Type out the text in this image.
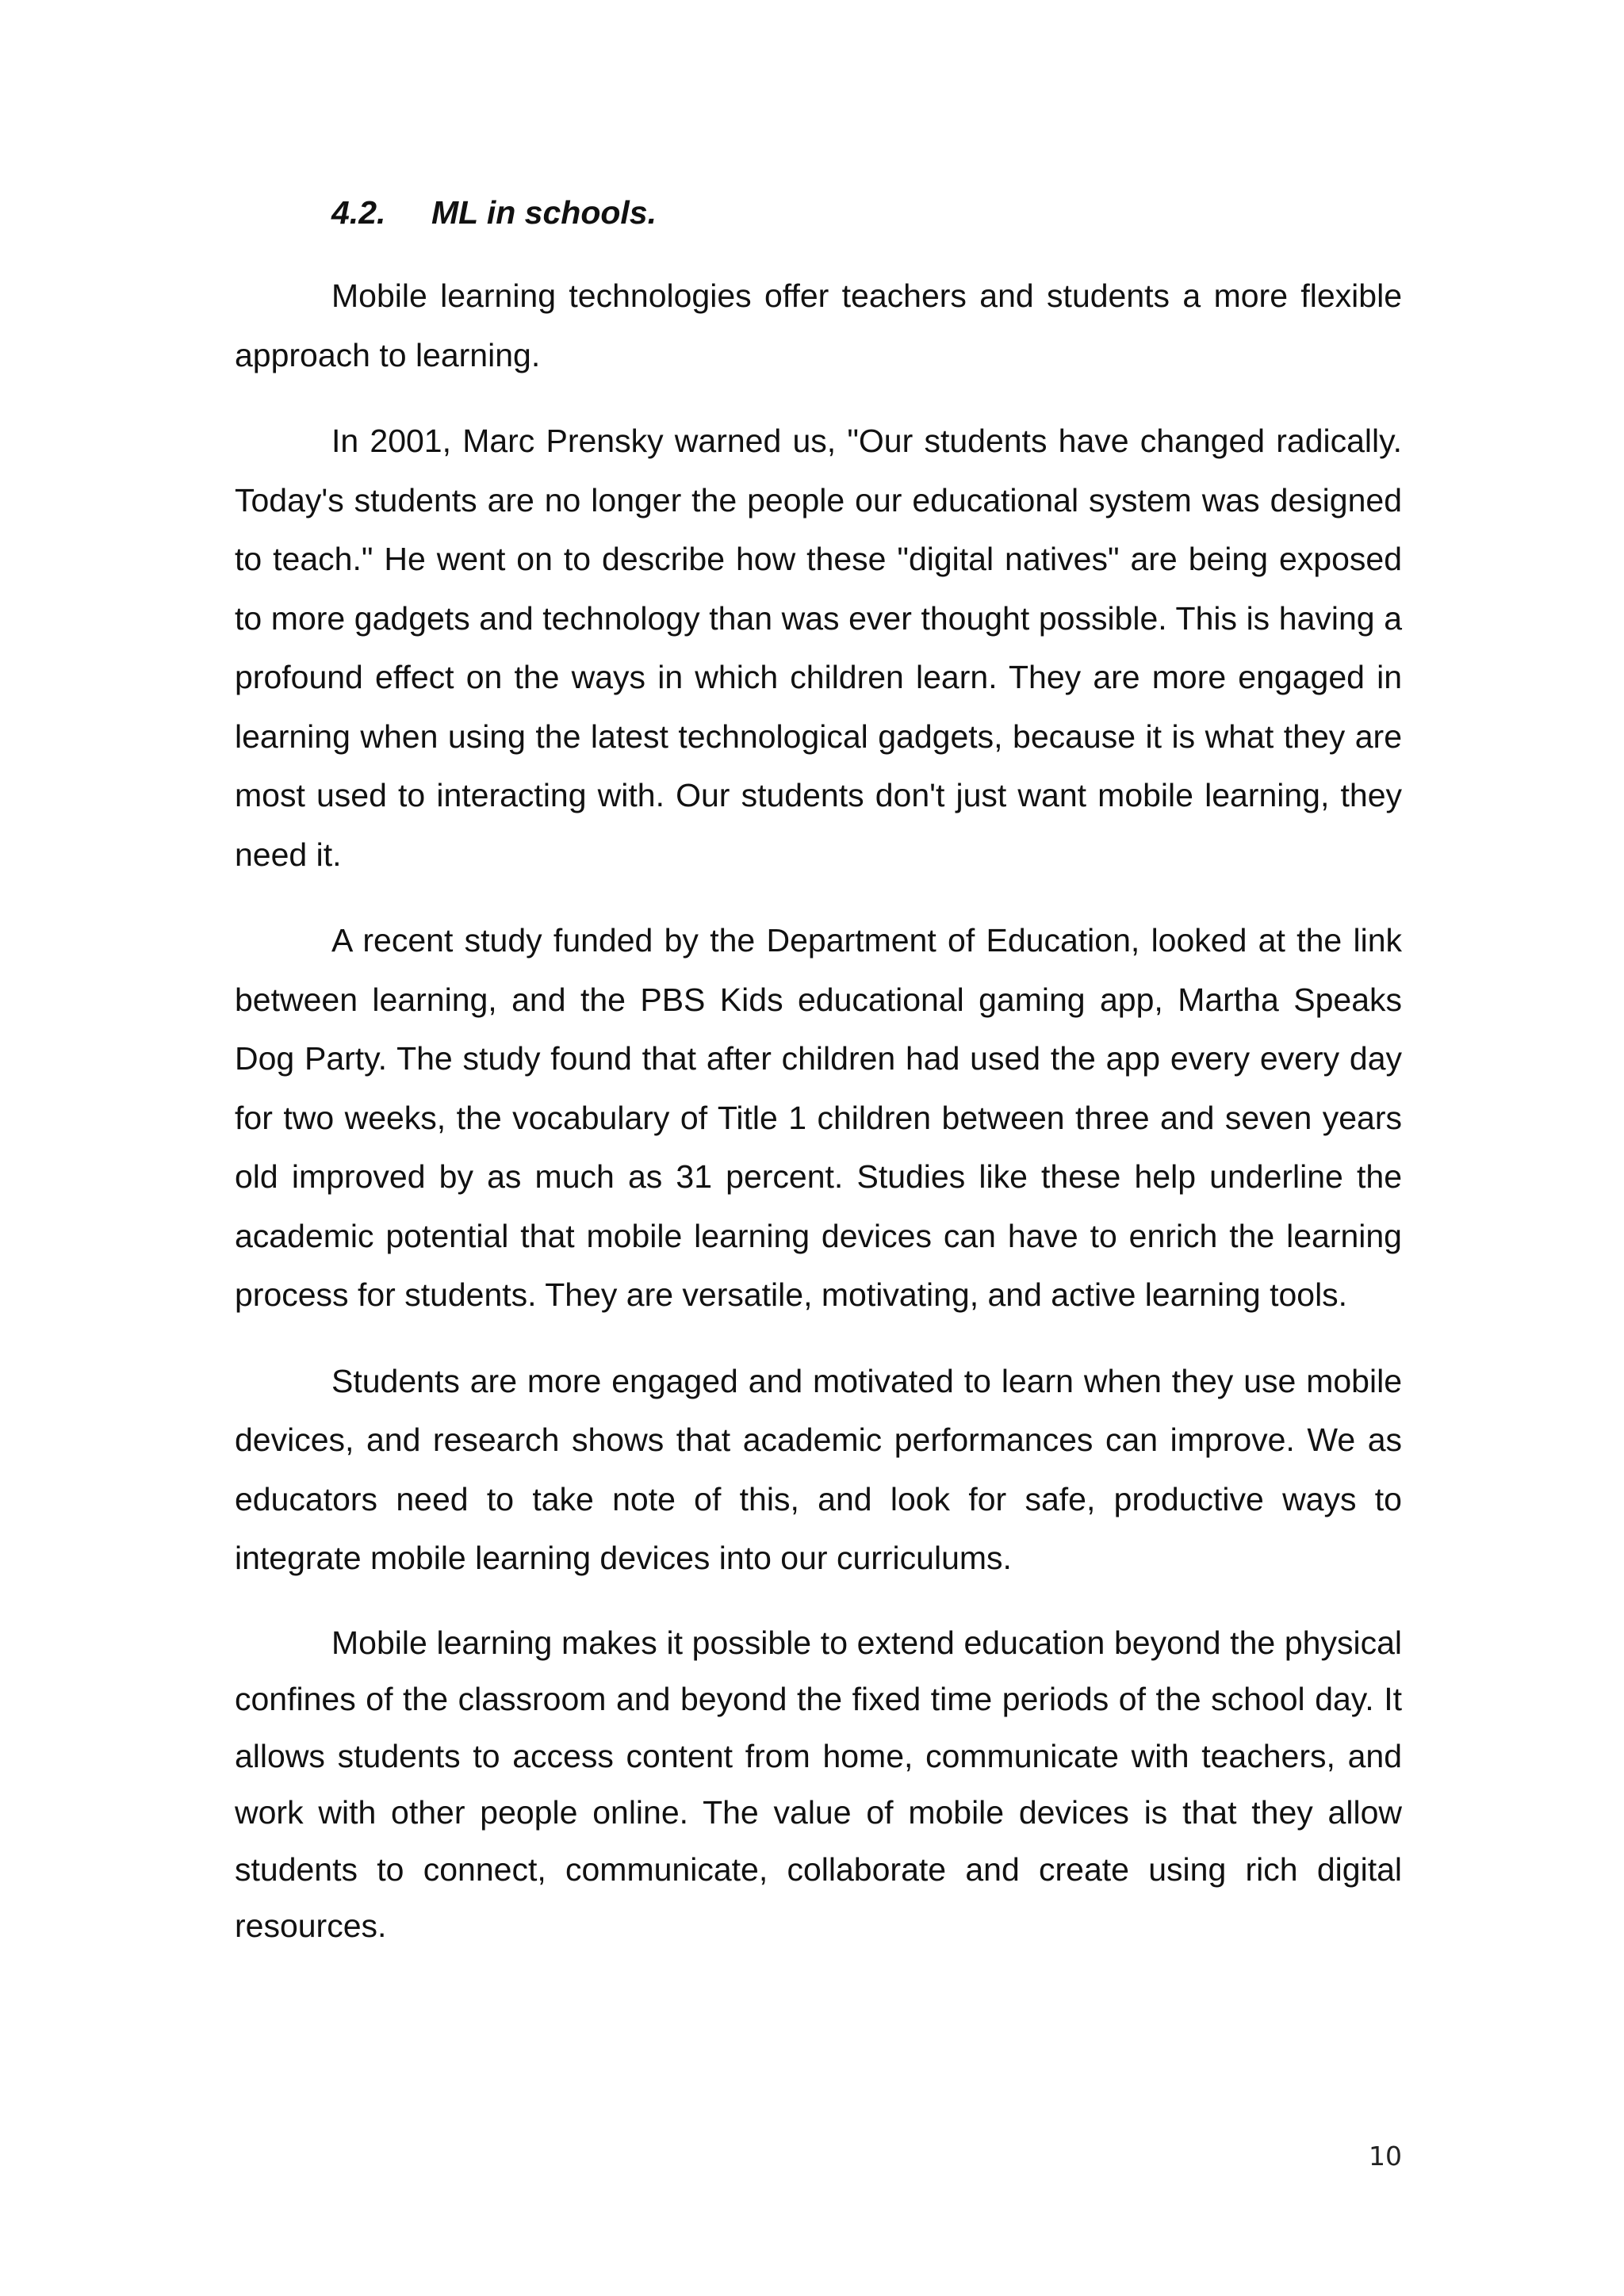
4.2. ML in schools.

Mobile learning technologies offer teachers and students a more flexible approach to learning.

In 2001, Marc Prensky warned us, "Our students have changed radically. Today's students are no longer the people our educational system was designed to teach." He went on to describe how these "digital natives" are being exposed to more gadgets and technology than was ever thought possible. This is having a profound effect on the ways in which children learn. They are more engaged in learning when using the latest technological gadgets, because it is what they are most used to interacting with. Our students don't just want mobile learning, they need it.

A recent study funded by the Department of Education, looked at the link between learning, and the PBS Kids educational gaming app, Martha Speaks Dog Party. The study found that after children had used the app every every day for two weeks, the vocabulary of Title 1 children between three and seven years old improved by as much as 31 percent. Studies like these help underline the academic potential that mobile learning devices can have to enrich the learning process for students. They are versatile, motivating, and active learning tools.

Students are more engaged and motivated to learn when they use mobile devices, and research shows that academic performances can improve. We as educators need to take note of this, and look for safe, productive ways to integrate mobile learning devices into our curriculums.

Mobile learning makes it possible to extend education beyond the physical confines of the classroom and beyond the fixed time periods of the school day. It allows students to access content from home, communicate with teachers, and work with other people online. The value of mobile devices is that they allow students to connect, communicate, collaborate and create using rich digital resources.

10
